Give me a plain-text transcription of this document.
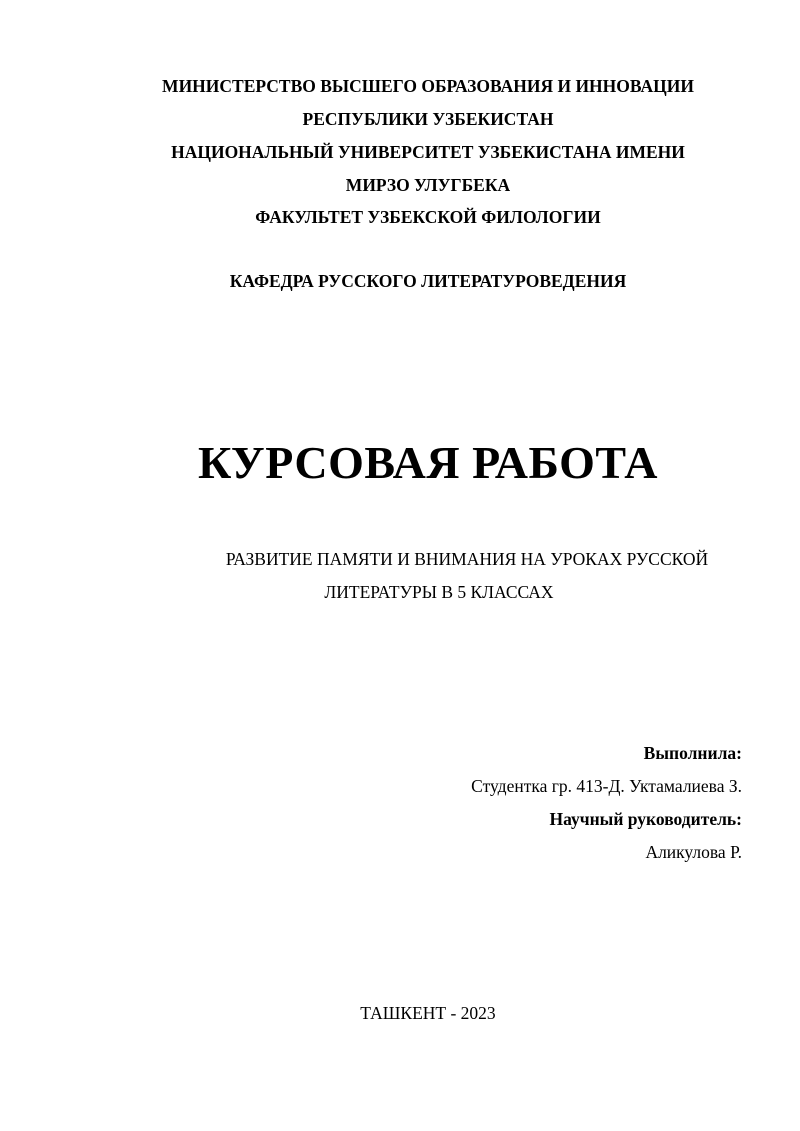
МИНИСТЕРСТВО ВЫСШЕГО ОБРАЗОВАНИЯ И ИННОВАЦИИ
РЕСПУБЛИКИ УЗБЕКИСТАН
НАЦИОНАЛЬНЫЙ УНИВЕРСИТЕТ УЗБЕКИСТАНА ИМЕНИ
МИРЗО УЛУГБЕКА
ФАКУЛЬТЕТ УЗБЕКСКОЙ ФИЛОЛОГИИ
КАФЕДРА РУССКОГО ЛИТЕРАТУРОВЕДЕНИЯ
КУРСОВАЯ РАБОТА
РАЗВИТИЕ ПАМЯТИ И ВНИМАНИЯ НА УРОКАХ РУССКОЙ
ЛИТЕРАТУРЫ В 5 КЛАССАХ
Выполнила:
Студентка гр. 413-Д. Уктамалиева З.
Научный руководитель:
Аликулова Р.
ТАШКЕНТ - 2023
